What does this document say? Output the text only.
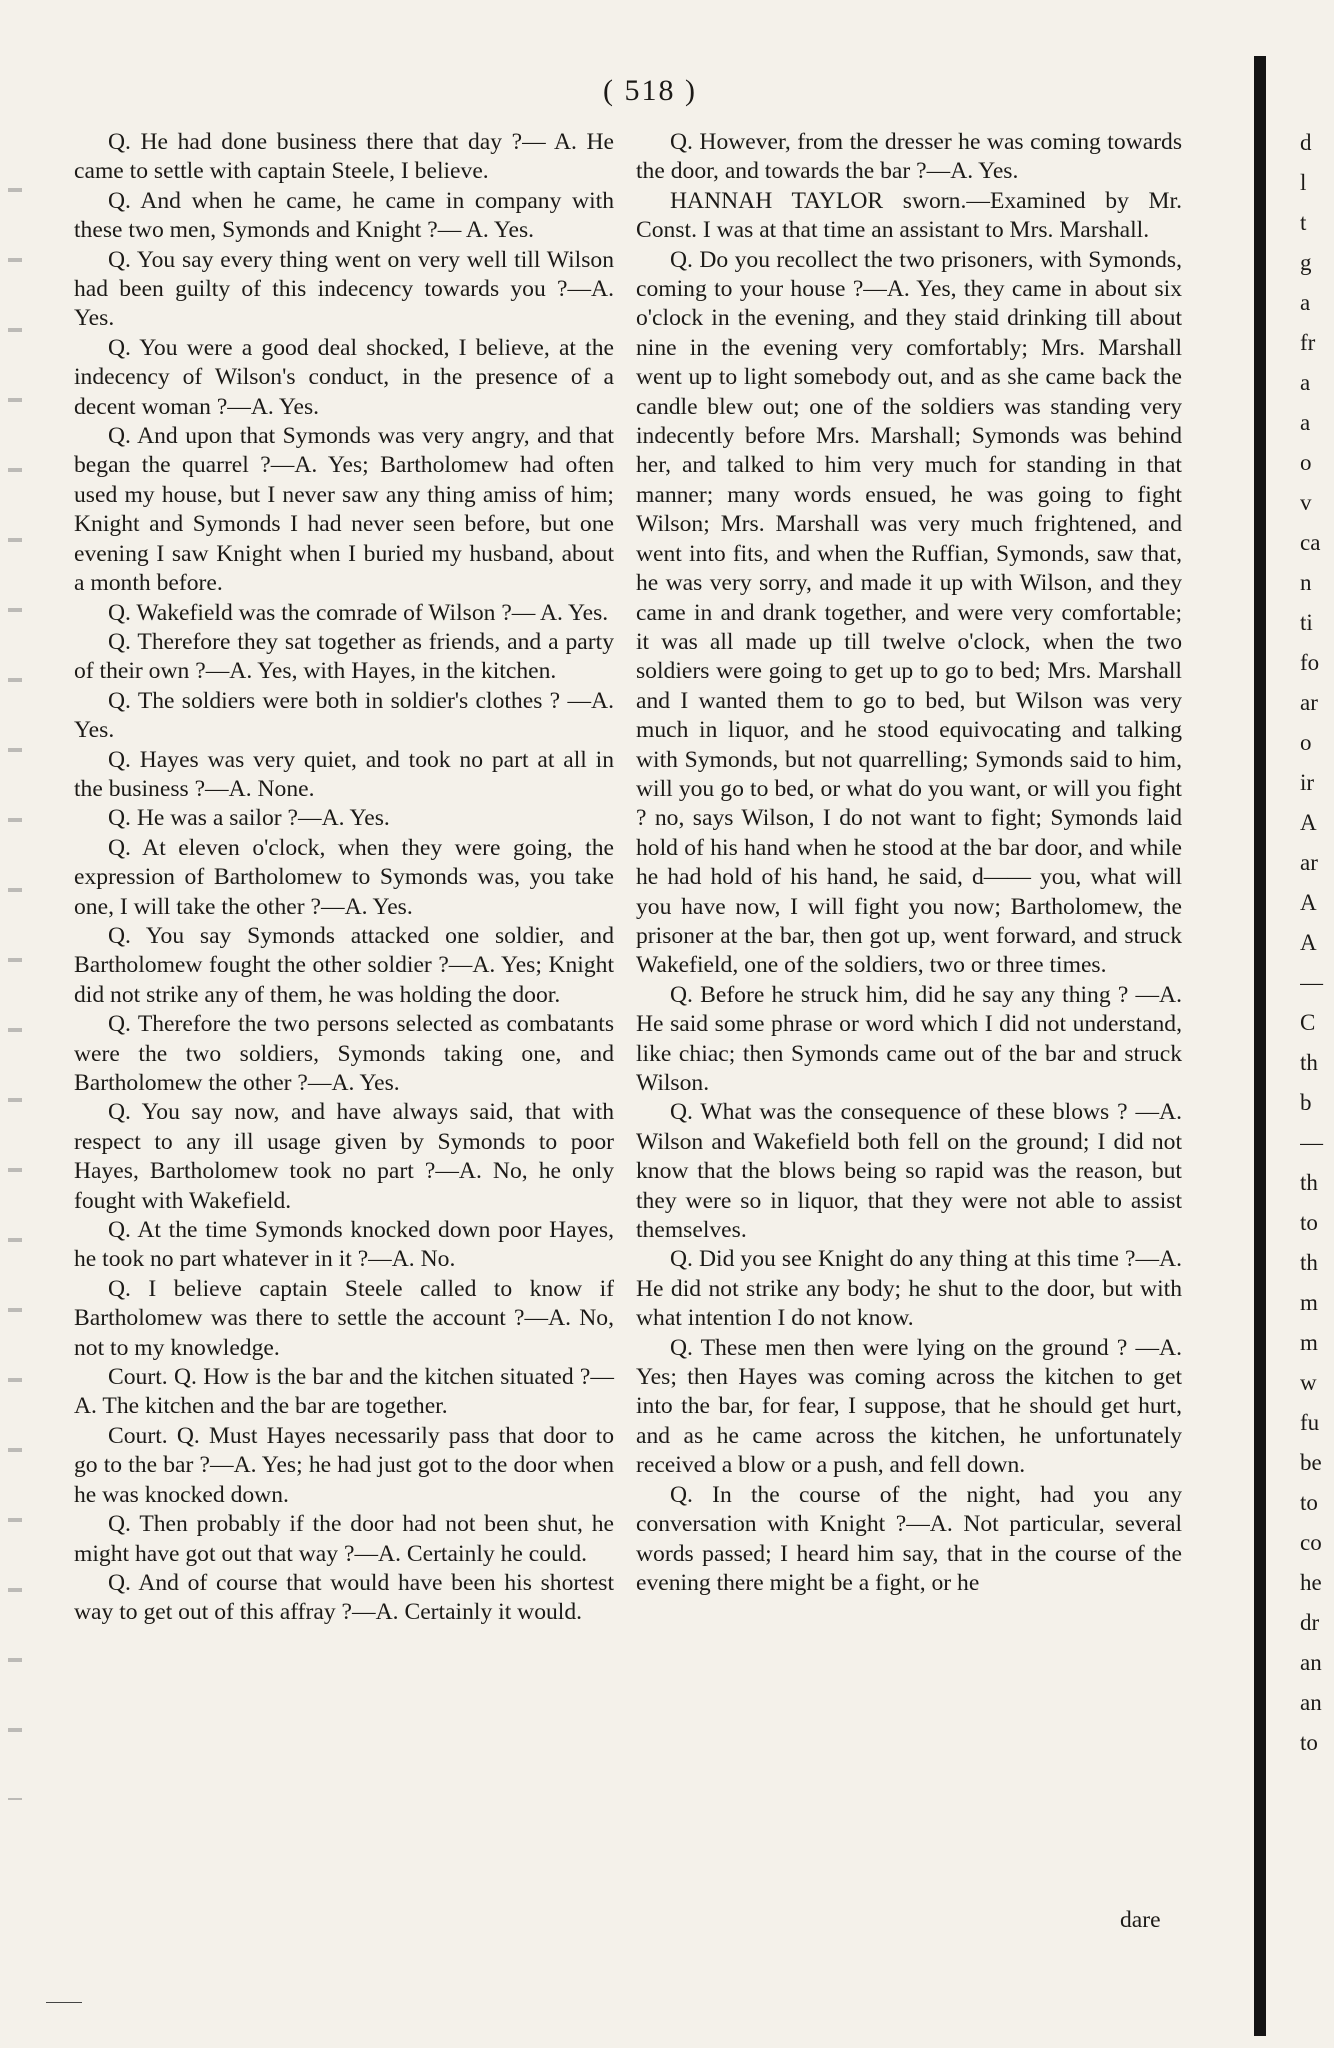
( 518 )

Q. He had done business there that day ?— A. He came to settle with captain Steele, I believe.

Q. And when he came, he came in company with these two men, Symonds and Knight ?— A. Yes.

Q. You say every thing went on very well till Wilson had been guilty of this indecency towards you ?—A. Yes.

Q. You were a good deal shocked, I believe, at the indecency of Wilson's conduct, in the presence of a decent woman ?—A. Yes.

Q. And upon that Symonds was very angry, and that began the quarrel ?—A. Yes; Bartholomew had often used my house, but I never saw any thing amiss of him; Knight and Symonds I had never seen before, but one evening I saw Knight when I buried my husband, about a month before.

Q. Wakefield was the comrade of Wilson ?— A. Yes.

Q. Therefore they sat together as friends, and a party of their own ?—A. Yes, with Hayes, in the kitchen.

Q. The soldiers were both in soldier's clothes ? —A. Yes.

Q. Hayes was very quiet, and took no part at all in the business ?—A. None.

Q. He was a sailor ?—A. Yes.

Q. At eleven o'clock, when they were going, the expression of Bartholomew to Symonds was, you take one, I will take the other ?—A. Yes.

Q. You say Symonds attacked one soldier, and Bartholomew fought the other soldier ?—A. Yes; Knight did not strike any of them, he was holding the door.

Q. Therefore the two persons selected as combatants were the two soldiers, Symonds taking one, and Bartholomew the other ?—A. Yes.

Q. You say now, and have always said, that with respect to any ill usage given by Symonds to poor Hayes, Bartholomew took no part ?—A. No, he only fought with Wakefield.

Q. At the time Symonds knocked down poor Hayes, he took no part whatever in it ?—A. No.

Q. I believe captain Steele called to know if Bartholomew was there to settle the account ?—A. No, not to my knowledge.

Court. Q. How is the bar and the kitchen situated ?—A. The kitchen and the bar are together.

Court. Q. Must Hayes necessarily pass that door to go to the bar ?—A. Yes; he had just got to the door when he was knocked down.

Q. Then probably if the door had not been shut, he might have got out that way ?—A. Certainly he could.

Q. And of course that would have been his shortest way to get out of this affray ?—A. Certainly it would.

Q. However, from the dresser he was coming towards the door, and towards the bar ?—A. Yes.

HANNAH TAYLOR sworn.—Examined by Mr. Const. I was at that time an assistant to Mrs. Marshall.

Q. Do you recollect the two prisoners, with Symonds, coming to your house ?—A. Yes, they came in about six o'clock in the evening, and they staid drinking till about nine in the evening very comfortably; Mrs. Marshall went up to light somebody out, and as she came back the candle blew out; one of the soldiers was standing very indecently before Mrs. Marshall; Symonds was behind her, and talked to him very much for standing in that manner; many words ensued, he was going to fight Wilson; Mrs. Marshall was very much frightened, and went into fits, and when the Ruffian, Symonds, saw that, he was very sorry, and made it up with Wilson, and they came in and drank together, and were very comfortable; it was all made up till twelve o'clock, when the two soldiers were going to get up to go to bed; Mrs. Marshall and I wanted them to go to bed, but Wilson was very much in liquor, and he stood equivocating and talking with Symonds, but not quarrelling; Symonds said to him, will you go to bed, or what do you want, or will you fight ? no, says Wilson, I do not want to fight; Symonds laid hold of his hand when he stood at the bar door, and while he had hold of his hand, he said, d—— you, what will you have now, I will fight you now; Bartholomew, the prisoner at the bar, then got up, went forward, and struck Wakefield, one of the soldiers, two or three times.

Q. Before he struck him, did he say any thing ? —A. He said some phrase or word which I did not understand, like chiac; then Symonds came out of the bar and struck Wilson.

Q. What was the consequence of these blows ? —A. Wilson and Wakefield both fell on the ground; I did not know that the blows being so rapid was the reason, but they were so in liquor, that they were not able to assist themselves.

Q. Did you see Knight do any thing at this time ?—A. He did not strike any body; he shut to the door, but with what intention I do not know.

Q. These men then were lying on the ground ? —A. Yes; then Hayes was coming across the kitchen to get into the bar, for fear, I suppose, that he should get hurt, and as he came across the kitchen, he unfortunately received a blow or a push, and fell down.

Q. In the course of the night, had you any conversation with Knight ?—A. Not particular, several words passed; I heard him say, that in the course of the evening there might be a fight, or he

dare
d
l
t
g
a
fr
a
a
o
v
ca
n
ti
fo
ar
o
ir
A
ar
A
A
—
C
th
b
—
th
to
th
m
m
w
fu
be
to
co
he
dr
an
an
to
